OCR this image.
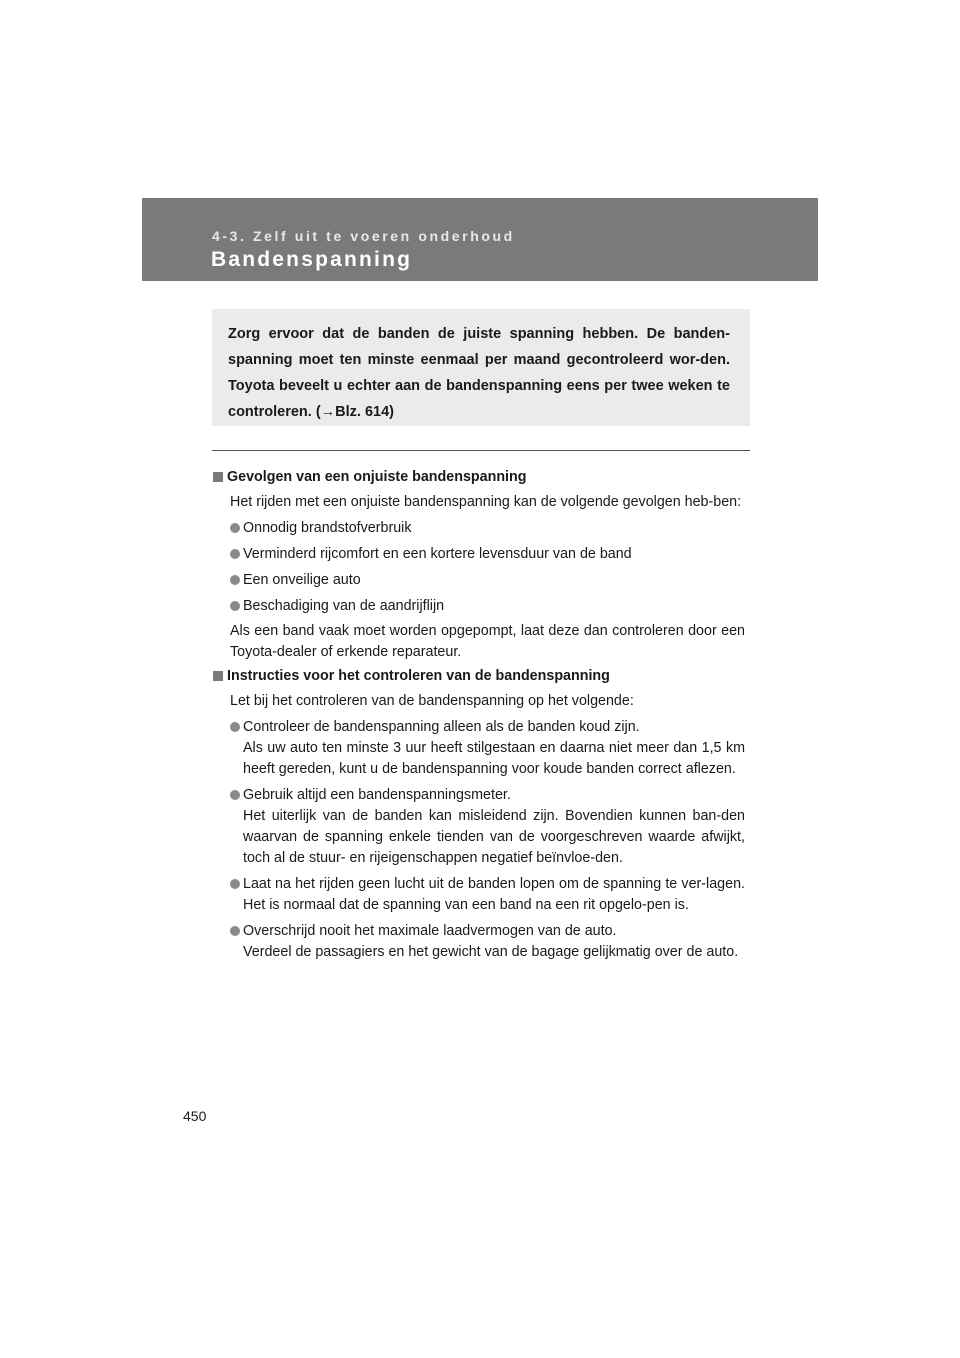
4-3. Zelf uit te voeren onderhoud
Bandenspanning

Zorg ervoor dat de banden de juiste spanning hebben. De banden-spanning moet ten minste eenmaal per maand gecontroleerd wor-den. Toyota beveelt u echter aan de bandenspanning eens per twee weken te controleren. (→Blz. 614)

Gevolgen van een onjuiste bandenspanning
Het rijden met een onjuiste bandenspanning kan de volgende gevolgen heb-ben:
Onnodig brandstofverbruik
Verminderd rijcomfort en een kortere levensduur van de band
Een onveilige auto
Beschadiging van de aandrijflijn
Als een band vaak moet worden opgepompt, laat deze dan controleren door een Toyota-dealer of erkende reparateur.
Instructies voor het controleren van de bandenspanning
Let bij het controleren van de bandenspanning op het volgende:
Controleer de bandenspanning alleen als de banden koud zijn.
Als uw auto ten minste 3 uur heeft stilgestaan en daarna niet meer dan 1,5 km heeft gereden, kunt u de bandenspanning voor koude banden correct aflezen.
Gebruik altijd een bandenspanningsmeter.
Het uiterlijk van de banden kan misleidend zijn. Bovendien kunnen ban-den waarvan de spanning enkele tienden van de voorgeschreven waarde afwijkt, toch al de stuur- en rijeigenschappen negatief beïnvloe-den.
Laat na het rijden geen lucht uit de banden lopen om de spanning te ver-lagen. Het is normaal dat de spanning van een band na een rit opgelo-pen is.
Overschrijd nooit het maximale laadvermogen van de auto.
Verdeel de passagiers en het gewicht van de bagage gelijkmatig over de auto.
450
